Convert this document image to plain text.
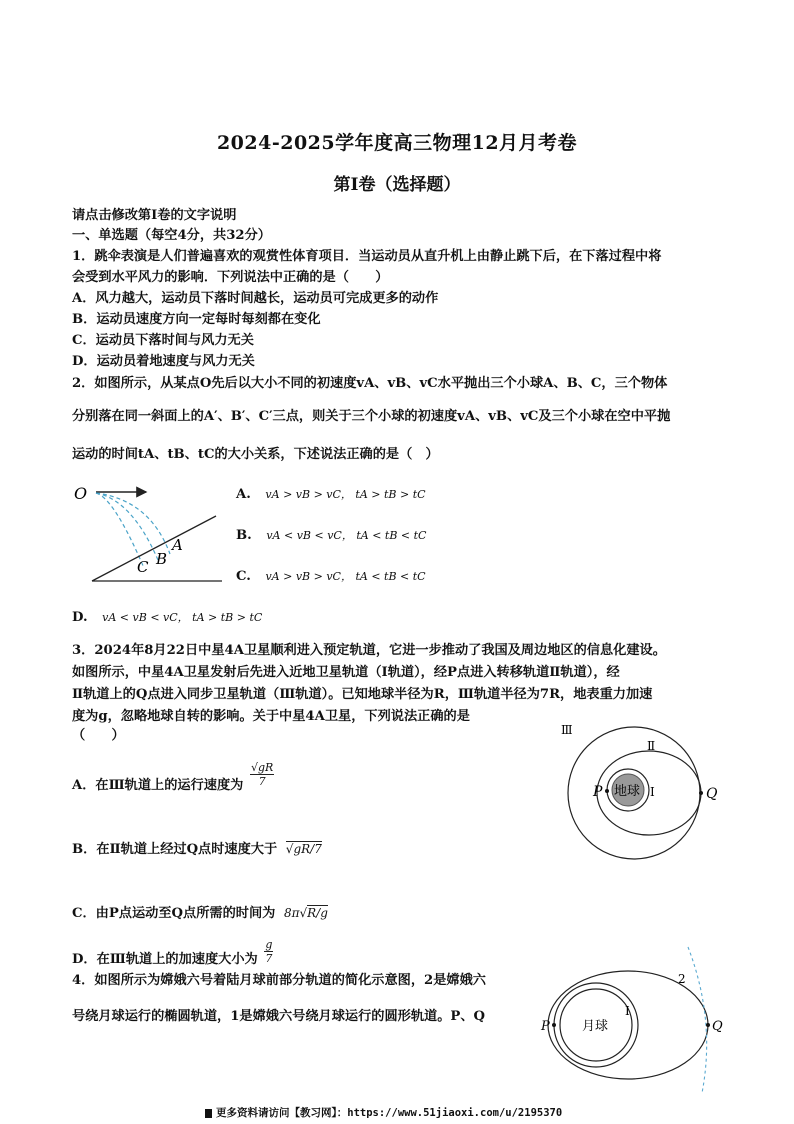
2024-2025学年度高三物理12月月考卷
第I卷（选择题）
请点击修改第I卷的文字说明
一、单选题（每空4分，共32分）
1．跳伞表演是人们普遍喜欢的观赏性体育项目．当运动员从直升机上由静止跳下后，在下落过程中将
会受到水平风力的影响．下列说法中正确的是（　　）
A．风力越大，运动员下落时间越长，运动员可完成更多的动作
B．运动员速度方向一定每时每刻都在变化
C．运动员下落时间与风力无关
D．运动员着地速度与风力无关
2．如图所示，从某点O先后以大小不同的初速度vA、vB、vC水平抛出三个小球A、B、C，三个物体
分别落在同一斜面上的A′、B′、C′三点，则关于三个小球的初速度vA、vB、vC及三个小球在空中平抛
运动的时间tA、tB、tC的大小关系，下述说法正确的是（　）
O
C B
A
A. vA > vB > vC， tA > tB > tC
B. vA < vB < vC， tA < tB < tC
C. vA > vB > vC， tA < tB < tC
D. vA < vB < vC， tA > tB > tC
3．2024年8月22日中星4A卫星顺利进入预定轨道，它进一步推动了我国及周边地区的信息化建设。
如图所示，中星4A卫星发射后先进入近地卫星轨道（Ⅰ轨道），经P点进入转移轨道Ⅱ轨道），经
Ⅱ轨道上的Q点进入同步卫星轨道（Ⅲ轨道）。已知地球半径为R，Ⅲ轨道半径为7R，地表重力加速
度为g，忽略地球自转的影响。关于中星4A卫星，下列说法正确的是
（　　）
A．在Ⅲ轨道上的运行速度为 $\frac{√gR}{7}$
B．在Ⅱ轨道上经过Q点时速度大于 √gR/7
C．由P点运动至Q点所需的时间为 8π√R/g
D．在Ⅲ轨道上的加速度大小为 $\frac{g}{7}$
地球
Ⅲ
Ⅱ
Ⅰ
P	Q
4．如图所示为嫦娥六号着陆月球前部分轨道的简化示意图，2是嫦娥六
号绕月球运行的椭圆轨道，1是嫦娥六号绕月球运行的圆形轨道。P、Q
月球
Ⅰ
2
P	Q
更多资料请访问【教习网】：https://www.51jiaoxi.com/u/2195370
